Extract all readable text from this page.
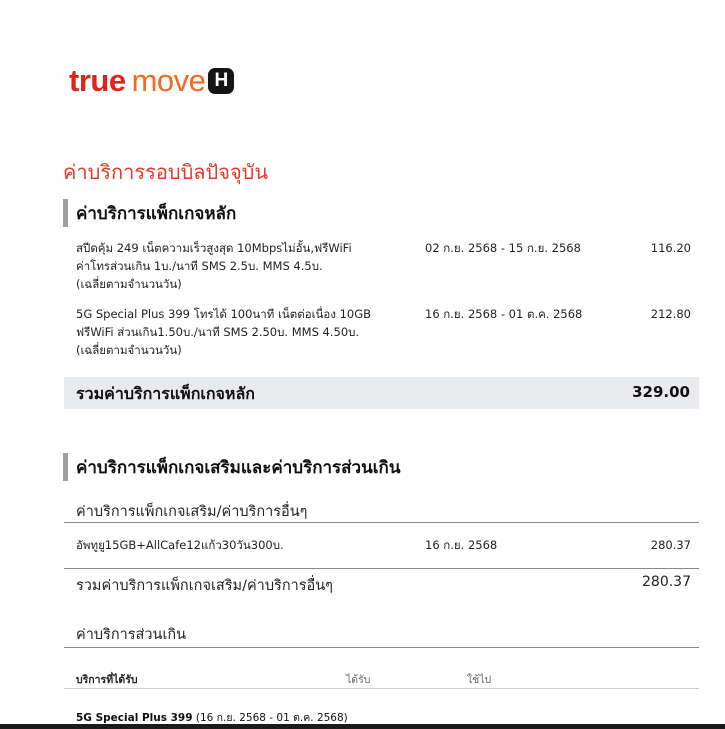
true move H
ค่าบริการรอบบิลปัจจุบัน
ค่าบริการแพ็กเกจหลัก
สปีดคุ้ม 249 เน็ตความเร็วสูงสุด 10Mbpsไม่อั้น,ฟรีWiFi
ค่าโทรส่วนเกิน 1บ./นาที SMS 2.5บ. MMS 4.5บ.
(เฉลี่ยตามจำนวนวัน)
02 ก.ย. 2568 - 15 ก.ย. 2568	116.20
5G Special Plus 399 โทรได้ 100นาที เน็ตต่อเนื่อง 10GB
ฟรีWiFi ส่วนเกิน1.50บ./นาที SMS 2.50บ. MMS 4.50บ.
(เฉลี่ยตามจำนวนวัน)
16 ก.ย. 2568 - 01 ต.ค. 2568	212.80
รวมค่าบริการแพ็กเกจหลัก	329.00
ค่าบริการแพ็กเกจเสริมและค่าบริการส่วนเกิน
ค่าบริการแพ็กเกจเสริม/ค่าบริการอื่นๆ
อัพทูยู15GB+AllCafe12แก้ว30วัน300บ.	16 ก.ย. 2568	280.37
รวมค่าบริการแพ็กเกจเสริม/ค่าบริการอื่นๆ	280.37
ค่าบริการส่วนเกิน
บริการที่ได้รับ	ได้รับ	ใช้ไป
5G Special Plus 399 (16 ก.ย. 2568 - 01 ต.ค. 2568)
